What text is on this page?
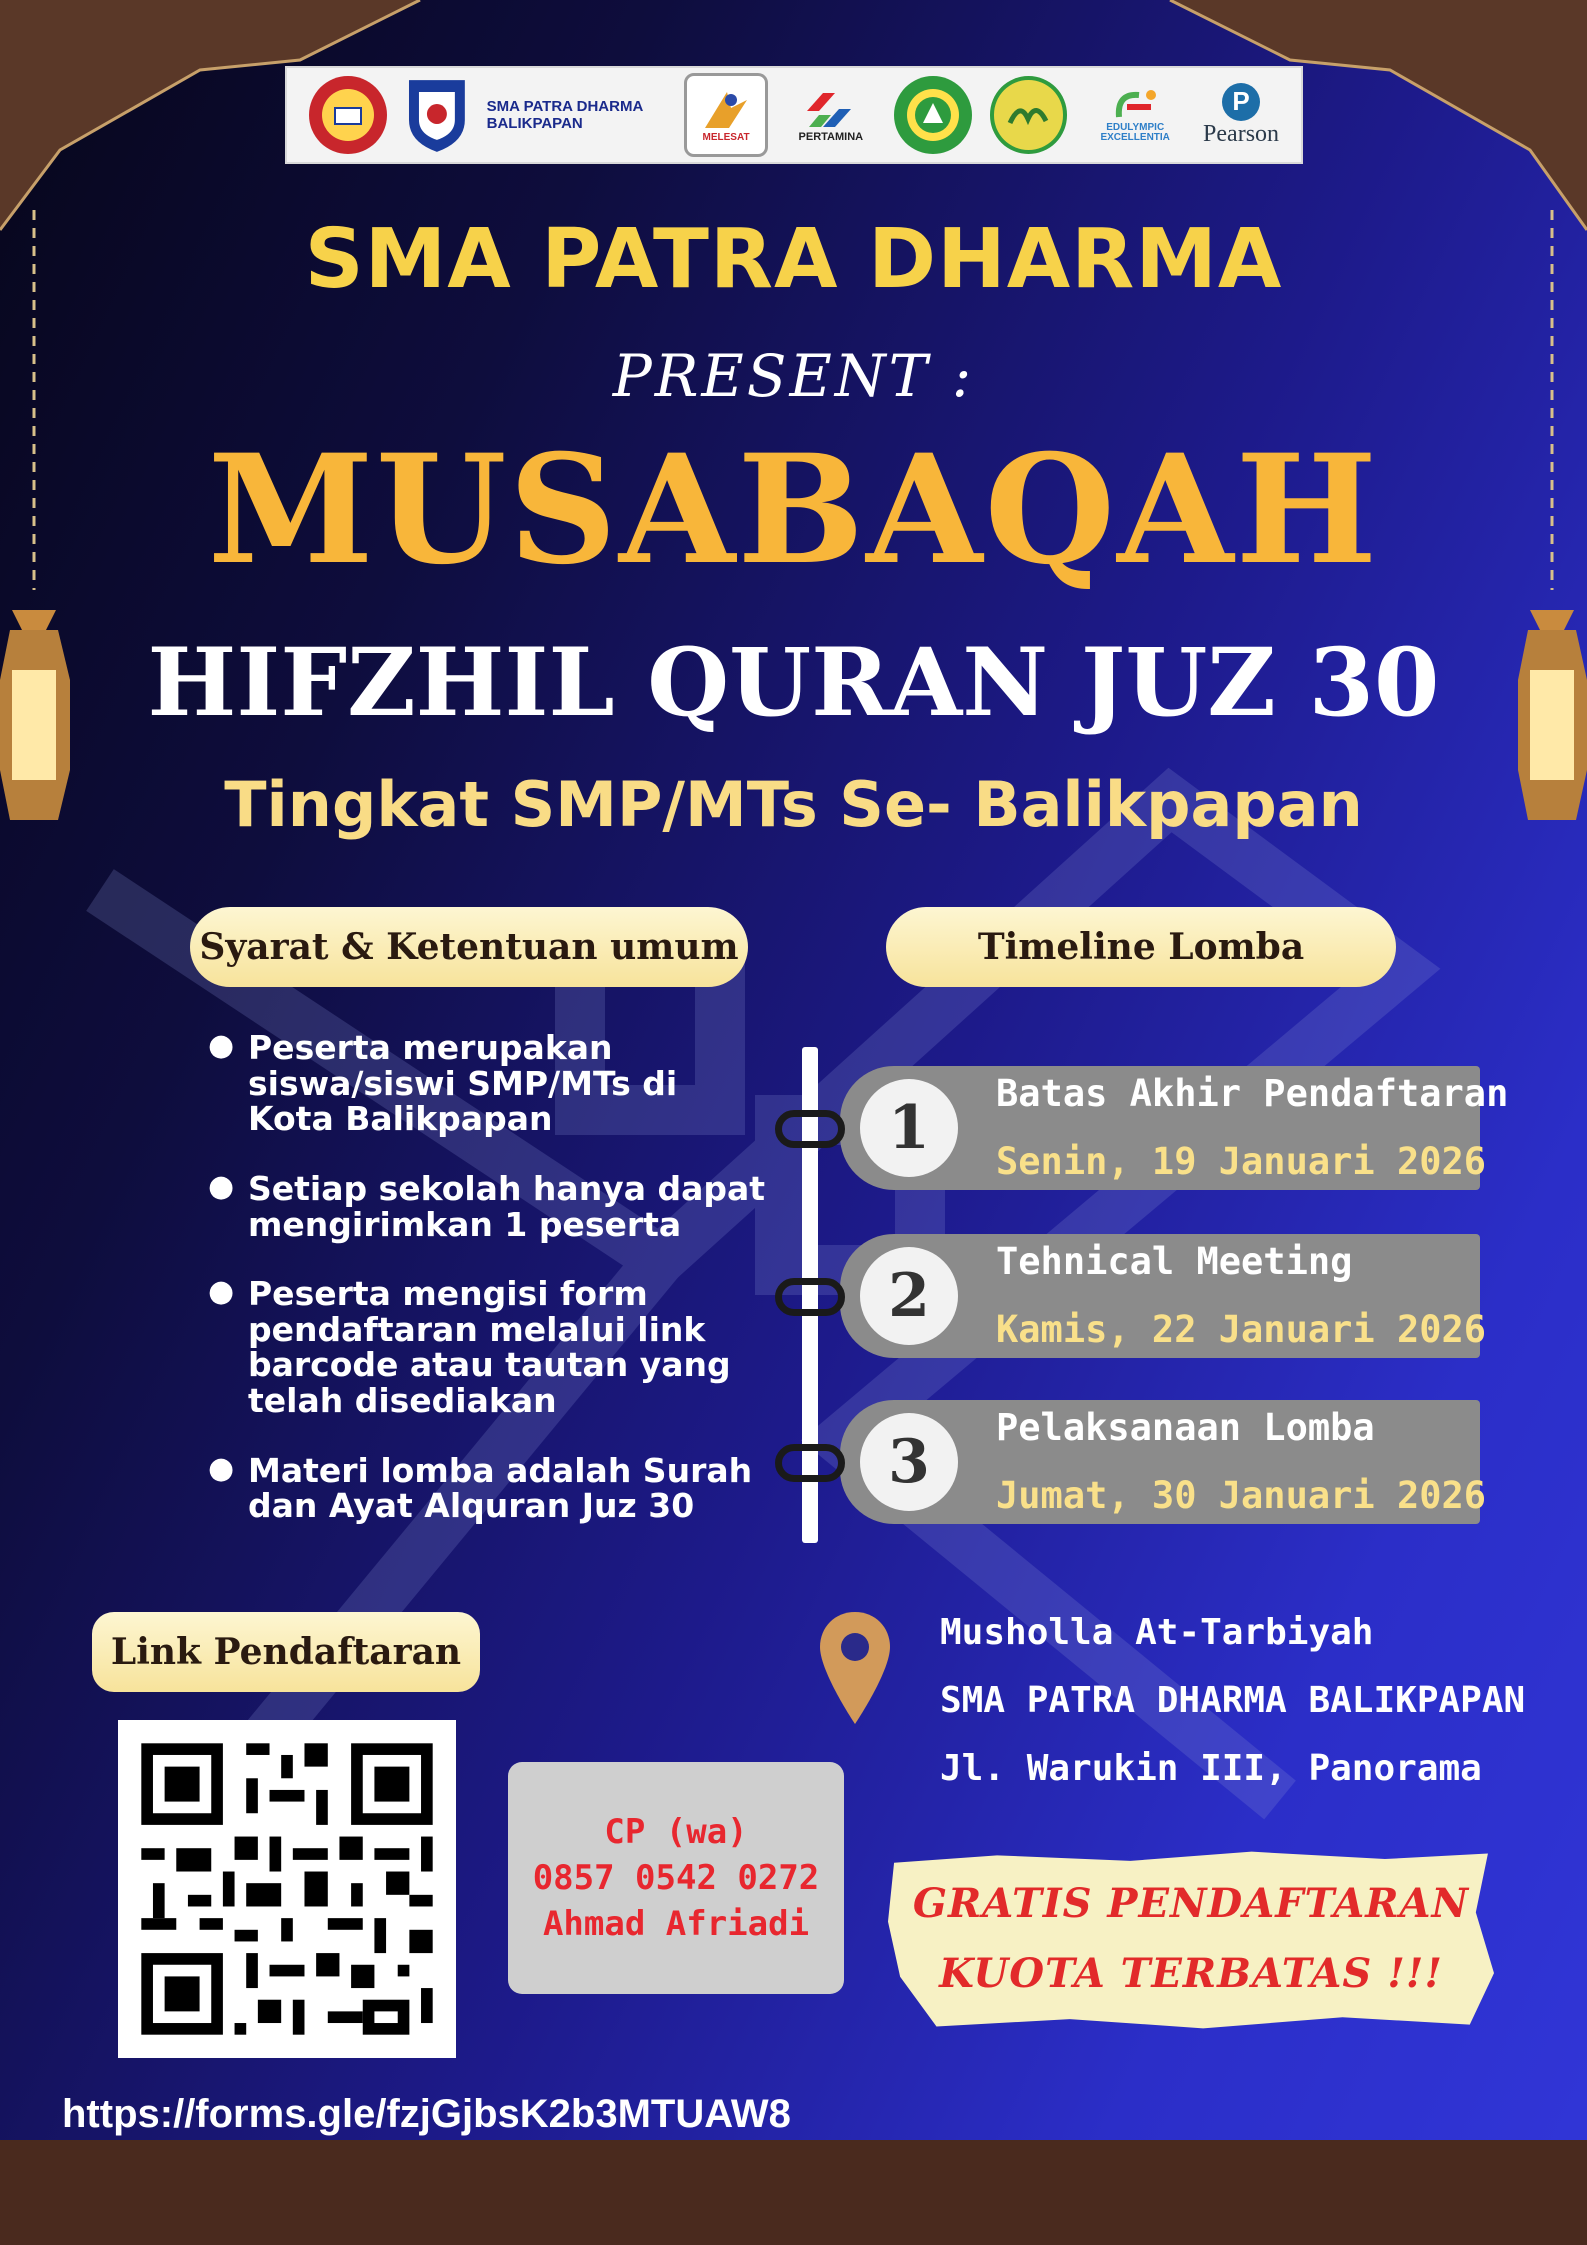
SMA PATRA DHARMA BALIKPAPAN
MELESAT	PERTAMINA
EDULYMPIC EXCELLENTIA
P
Pearson
SMA PATRA DHARMA
PRESENT :
MUSABAQAH
HIFZHIL QURAN JUZ 30
Tingkat SMP/MTs Se- Balikpapan
Syarat & Ketentuan umum	Timeline Lomba
● Peserta merupakan siswa/siswi SMP/MTs di Kota Balikpapan
● Setiap sekolah hanya dapat mengirimkan 1 peserta
● Peserta mengisi form pendaftaran melalui link barcode atau tautan yang telah disediakan
● Materi lomba adalah Surah dan Ayat Alquran Juz 30
1	Batas Akhir Pendaftaran
Senin, 19 Januari 2026
2	Tehnical Meeting
Kamis, 22 Januari 2026
3	Pelaksanaan Lomba
Jumat, 30 Januari 2026
Link Pendaftaran
https://forms.gle/fzjGjbsK2b3MTUAW8
CP (wa)
0857 0542 0272
Ahmad Afriadi
Musholla At-Tarbiyah
SMA PATRA DHARMA BALIKPAPAN
Jl. Warukin III, Panorama
GRATIS PENDAFTARAN
KUOTA TERBATAS !!!
